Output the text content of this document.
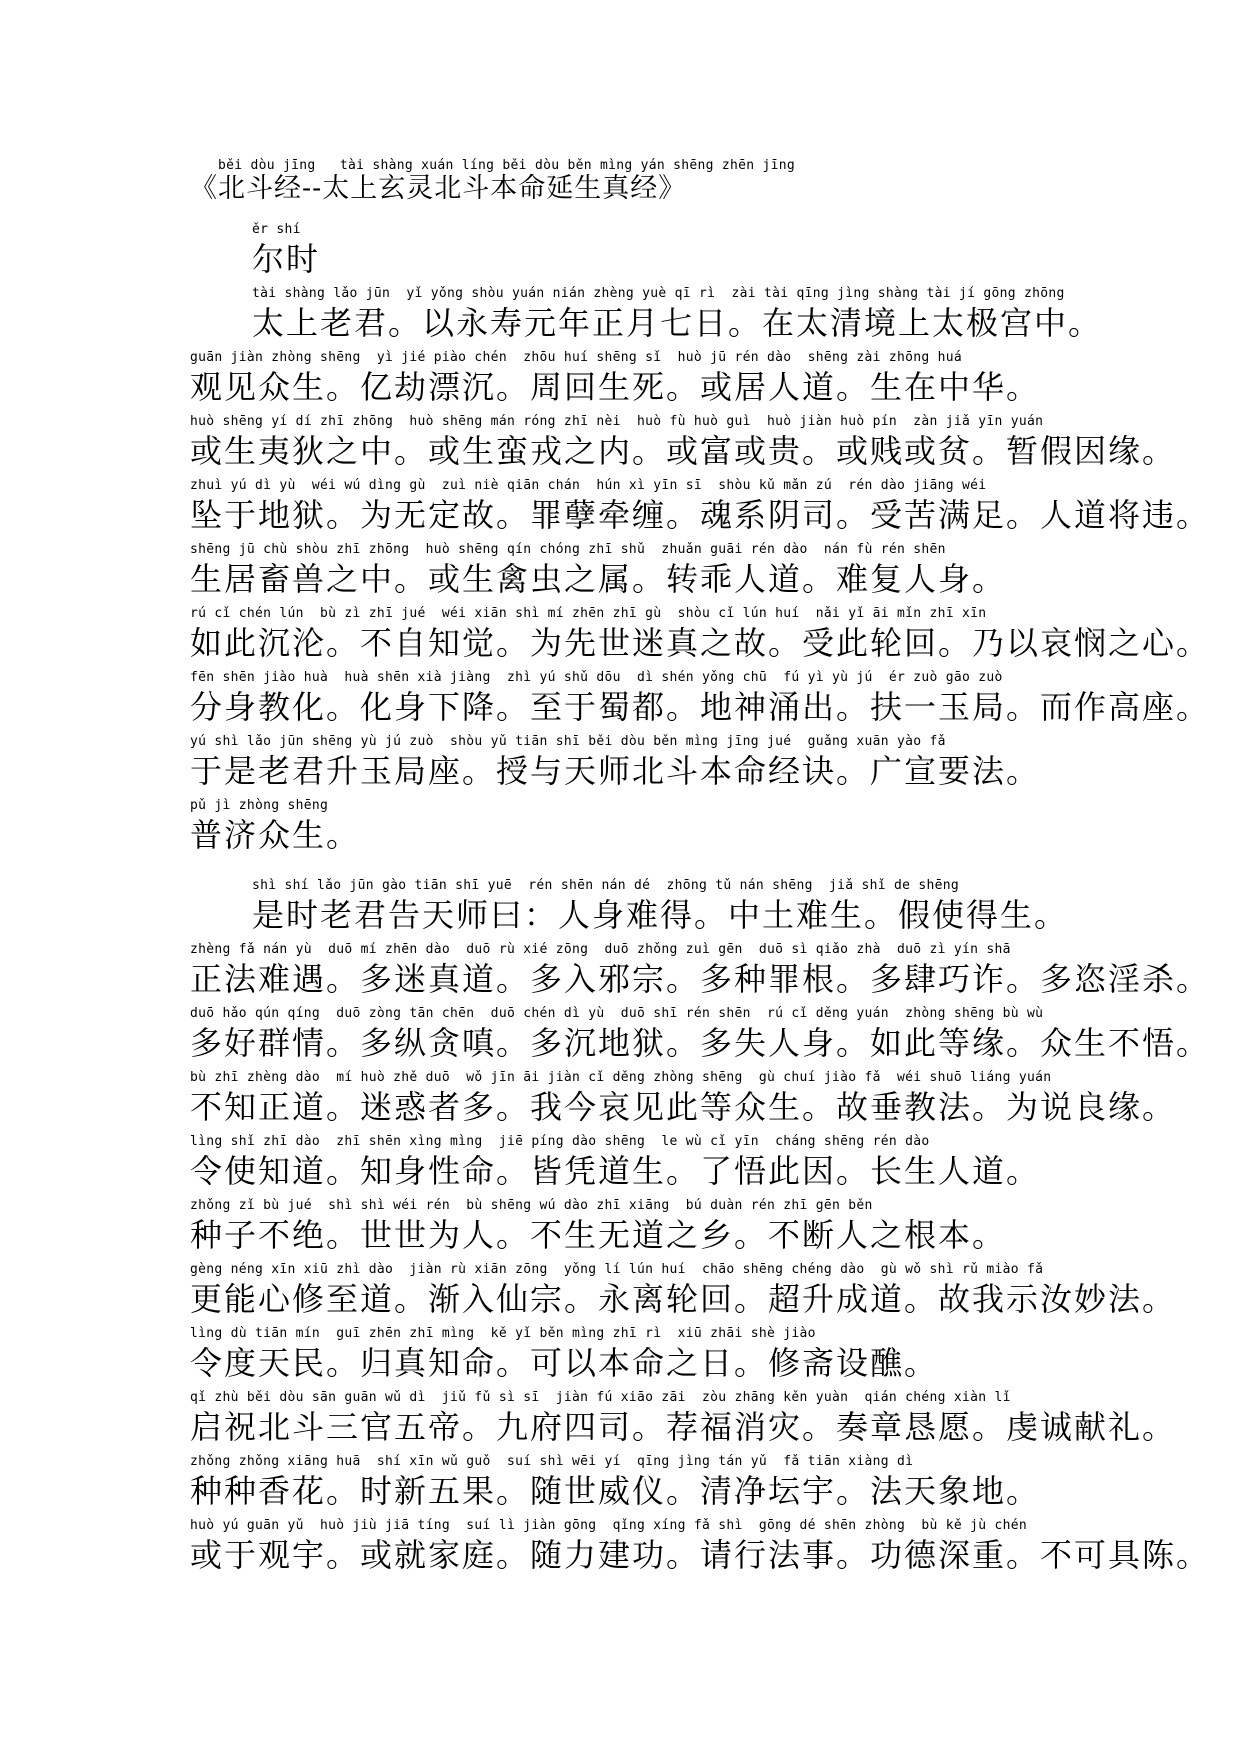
běi dòu jīng   tài shàng xuán líng běi dòu běn mìng yán shēng zhēn jīng
《北斗经--太上玄灵北斗本命延生真经》
ěr shí
尔时
tài shàng lǎo jūn  yǐ yǒng shòu yuán nián zhèng yuè qī rì  zài tài qīng jìng shàng tài jí gōng zhōng
太上老君。以永寿元年正月七日。在太清境上太极宫中。
guān jiàn zhòng shēng  yì jié piào chén  zhōu huí shēng sǐ  huò jū rén dào  shēng zài zhōng huá
观见众生。亿劫漂沉。周回生死。或居人道。生在中华。
huò shēng yí dí zhī zhōng  huò shēng mán róng zhī nèi  huò fù huò guì  huò jiàn huò pín  zàn jiǎ yīn yuán
或生夷狄之中。或生蛮戎之内。或富或贵。或贱或贫。暂假因缘。
zhuì yú dì yù  wéi wú dìng gù  zuì niè qiān chán  hún xì yīn sī  shòu kǔ mǎn zú  rén dào jiāng wéi
坠于地狱。为无定故。罪孽牵缠。魂系阴司。受苦满足。人道将违。
shēng jū chù shòu zhī zhōng  huò shēng qín chóng zhī shǔ  zhuǎn guāi rén dào  nán fù rén shēn
生居畜兽之中。或生禽虫之属。转乖人道。难复人身。
rú cǐ chén lún  bù zì zhī jué  wéi xiān shì mí zhēn zhī gù  shòu cǐ lún huí  nǎi yǐ āi mǐn zhī xīn
如此沉沦。不自知觉。为先世迷真之故。受此轮回。乃以哀悯之心。
fēn shēn jiào huà  huà shēn xià jiàng  zhì yú shǔ dōu  dì shén yǒng chū  fú yì yù jú  ér zuò gāo zuò
分身教化。化身下降。至于蜀都。地神涌出。扶一玉局。而作高座。
yú shì lǎo jūn shēng yù jú zuò  shòu yǔ tiān shī běi dòu běn mìng jīng jué  guǎng xuān yào fǎ
于是老君升玉局座。授与天师北斗本命经诀。广宣要法。
pǔ jì zhòng shēng
普济众生。
shì shí lǎo jūn gào tiān shī yuē  rén shēn nán dé  zhōng tǔ nán shēng  jiǎ shǐ de shēng
是时老君告天师曰：人身难得。中土难生。假使得生。
zhèng fǎ nán yù  duō mí zhēn dào  duō rù xié zōng  duō zhǒng zuì gēn  duō sì qiǎo zhà  duō zì yín shā
正法难遇。多迷真道。多入邪宗。多种罪根。多肆巧诈。多恣淫杀。
duō hǎo qún qíng  duō zòng tān chēn  duō chén dì yù  duō shī rén shēn  rú cǐ děng yuán  zhòng shēng bù wù
多好群情。多纵贪嗔。多沉地狱。多失人身。如此等缘。众生不悟。
bù zhī zhèng dào  mí huò zhě duō  wǒ jīn āi jiàn cǐ děng zhòng shēng  gù chuí jiào fǎ  wéi shuō liáng yuán
不知正道。迷惑者多。我今哀见此等众生。故垂教法。为说良缘。
lìng shǐ zhī dào  zhī shēn xìng mìng  jiē píng dào shēng  le wù cǐ yīn  cháng shēng rén dào
令使知道。知身性命。皆凭道生。了悟此因。长生人道。
zhǒng zǐ bù jué  shì shì wéi rén  bù shēng wú dào zhī xiāng  bú duàn rén zhī gēn běn
种子不绝。世世为人。不生无道之乡。不断人之根本。
gèng néng xīn xiū zhì dào  jiàn rù xiān zōng  yǒng lí lún huí  chāo shēng chéng dào  gù wǒ shì rǔ miào fǎ
更能心修至道。渐入仙宗。永离轮回。超升成道。故我示汝妙法。
lìng dù tiān mín  guī zhēn zhī mìng  kě yǐ běn mìng zhī rì  xiū zhāi shè jiào
令度天民。归真知命。可以本命之日。修斋设醮。
qǐ zhù běi dòu sān guān wǔ dì  jiǔ fǔ sì sī  jiàn fú xiāo zāi  zòu zhāng kěn yuàn  qián chéng xiàn lǐ
启祝北斗三官五帝。九府四司。荐福消灾。奏章恳愿。虔诚献礼。
zhǒng zhǒng xiāng huā  shí xīn wǔ guǒ  suí shì wēi yí  qīng jìng tán yǔ  fǎ tiān xiàng dì
种种香花。时新五果。随世威仪。清净坛宇。法天象地。
huò yú guān yǔ  huò jiù jiā tíng  suí lì jiàn gōng  qǐng xíng fǎ shì  gōng dé shēn zhòng  bù kě jù chén
或于观宇。或就家庭。随力建功。请行法事。功德深重。不可具陈。
